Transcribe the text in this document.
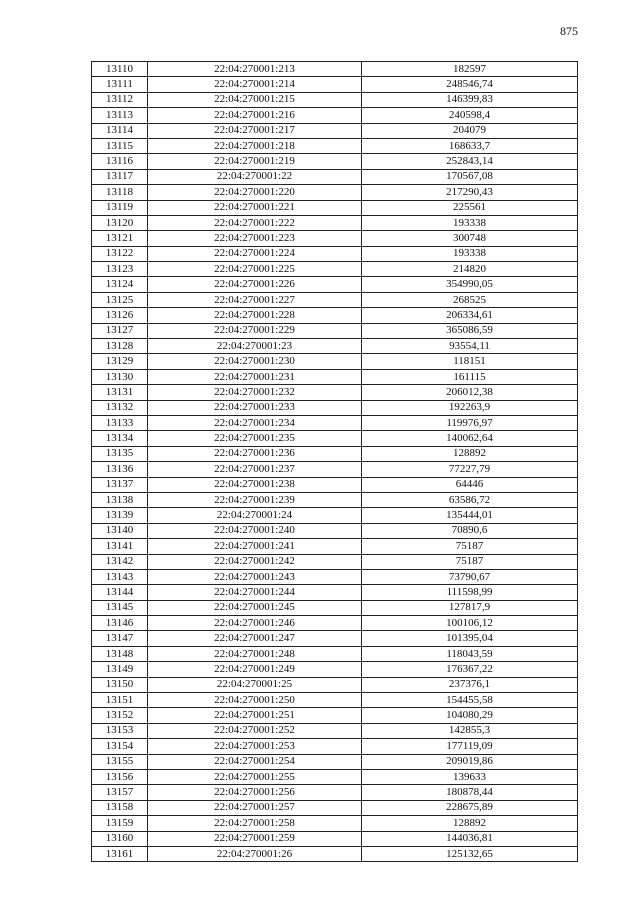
875
13110	22:04:270001:213	182597
13111	22:04:270001:214	248546,74
13112	22:04:270001:215	146399,83
13113	22:04:270001:216	240598,4
13114	22:04:270001:217	204079
13115	22:04:270001:218	168633,7
13116	22:04:270001:219	252843,14
13117	22:04:270001:22	170567,08
13118	22:04:270001:220	217290,43
13119	22:04:270001:221	225561
13120	22:04:270001:222	193338
13121	22:04:270001:223	300748
13122	22:04:270001:224	193338
13123	22:04:270001:225	214820
13124	22:04:270001:226	354990,05
13125	22:04:270001:227	268525
13126	22:04:270001:228	206334,61
13127	22:04:270001:229	365086,59
13128	22:04:270001:23	93554,11
13129	22:04:270001:230	118151
13130	22:04:270001:231	161115
13131	22:04:270001:232	206012,38
13132	22:04:270001:233	192263,9
13133	22:04:270001:234	119976,97
13134	22:04:270001:235	140062,64
13135	22:04:270001:236	128892
13136	22:04:270001:237	77227,79
13137	22:04:270001:238	64446
13138	22:04:270001:239	63586,72
13139	22:04:270001:24	135444,01
13140	22:04:270001:240	70890,6
13141	22:04:270001:241	75187
13142	22:04:270001:242	75187
13143	22:04:270001:243	73790,67
13144	22:04:270001:244	111598,99
13145	22:04:270001:245	127817,9
13146	22:04:270001:246	100106,12
13147	22:04:270001:247	101395,04
13148	22:04:270001:248	118043,59
13149	22:04:270001:249	176367,22
13150	22:04:270001:25	237376,1
13151	22:04:270001:250	154455,58
13152	22:04:270001:251	104080,29
13153	22:04:270001:252	142855,3
13154	22:04:270001:253	177119,09
13155	22:04:270001:254	209019,86
13156	22:04:270001:255	139633
13157	22:04:270001:256	180878,44
13158	22:04:270001:257	228675,89
13159	22:04:270001:258	128892
13160	22:04:270001:259	144036,81
13161	22:04:270001:26	125132,65
